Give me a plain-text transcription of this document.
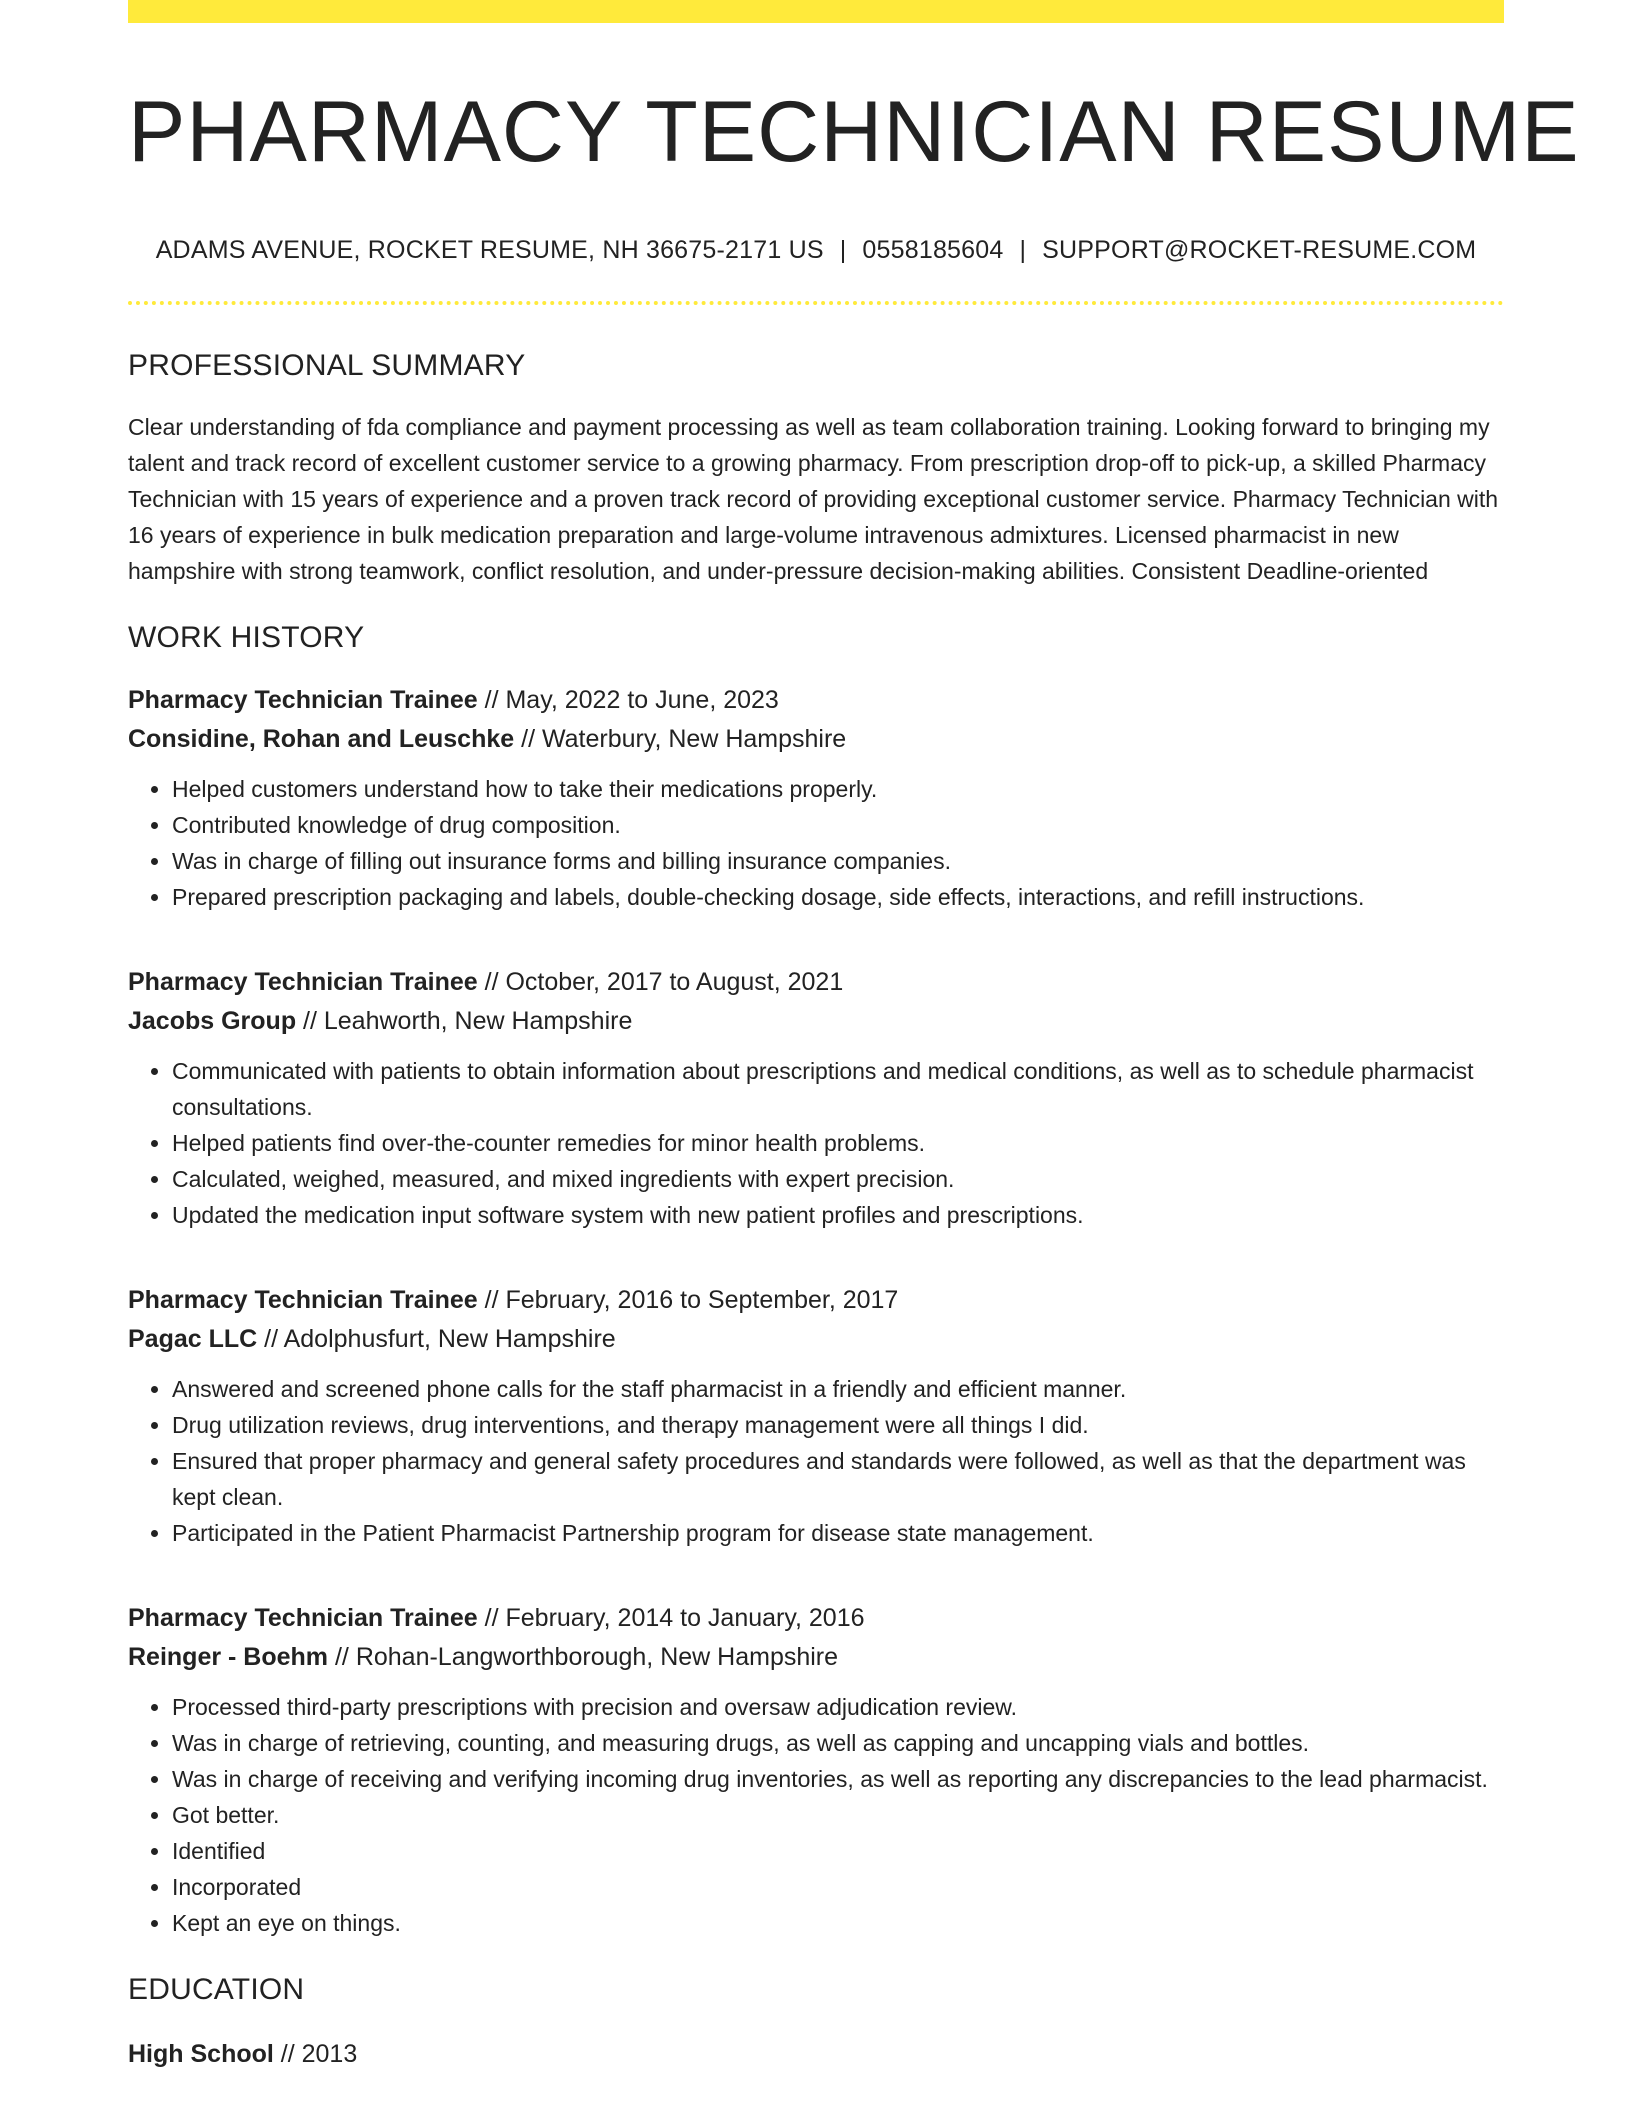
PHARMACY TECHNICIAN RESUME
ADAMS AVENUE, ROCKET RESUME, NH 36675-2171 US | 0558185604 | SUPPORT@ROCKET-RESUME.COM
PROFESSIONAL SUMMARY
Clear understanding of fda compliance and payment processing as well as team collaboration training. Looking forward to bringing my talent and track record of excellent customer service to a growing pharmacy. From prescription drop-off to pick-up, a skilled Pharmacy Technician with 15 years of experience and a proven track record of providing exceptional customer service. Pharmacy Technician with 16 years of experience in bulk medication preparation and large-volume intravenous admixtures. Licensed pharmacist in new hampshire with strong teamwork, conflict resolution, and under-pressure decision-making abilities. Consistent Deadline-oriented
WORK HISTORY
Pharmacy Technician Trainee // May, 2022 to June, 2023
Considine, Rohan and Leuschke // Waterbury, New Hampshire
• Helped customers understand how to take their medications properly.
• Contributed knowledge of drug composition.
• Was in charge of filling out insurance forms and billing insurance companies.
• Prepared prescription packaging and labels, double-checking dosage, side effects, interactions, and refill instructions.
Pharmacy Technician Trainee // October, 2017 to August, 2021
Jacobs Group // Leahworth, New Hampshire
• Communicated with patients to obtain information about prescriptions and medical conditions, as well as to schedule pharmacist consultations.
• Helped patients find over-the-counter remedies for minor health problems.
• Calculated, weighed, measured, and mixed ingredients with expert precision.
• Updated the medication input software system with new patient profiles and prescriptions.
Pharmacy Technician Trainee // February, 2016 to September, 2017
Pagac LLC // Adolphusfurt, New Hampshire
• Answered and screened phone calls for the staff pharmacist in a friendly and efficient manner.
• Drug utilization reviews, drug interventions, and therapy management were all things I did.
• Ensured that proper pharmacy and general safety procedures and standards were followed, as well as that the department was kept clean.
• Participated in the Patient Pharmacist Partnership program for disease state management.
Pharmacy Technician Trainee // February, 2014 to January, 2016
Reinger - Boehm // Rohan-Langworthborough, New Hampshire
• Processed third-party prescriptions with precision and oversaw adjudication review.
• Was in charge of retrieving, counting, and measuring drugs, as well as capping and uncapping vials and bottles.
• Was in charge of receiving and verifying incoming drug inventories, as well as reporting any discrepancies to the lead pharmacist.
• Got better.
• Identified
• Incorporated
• Kept an eye on things.
EDUCATION
High School // 2013
